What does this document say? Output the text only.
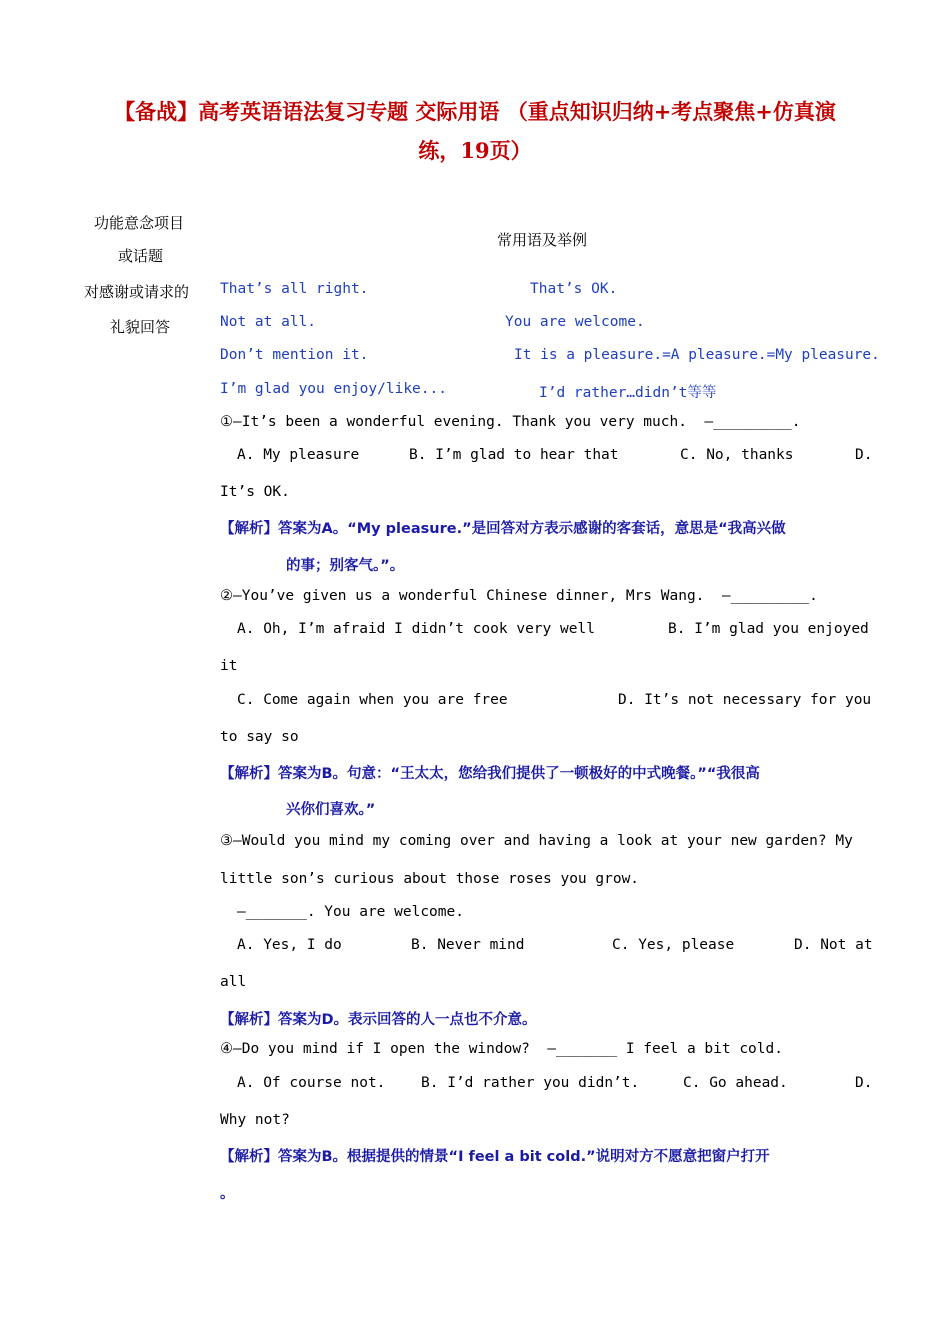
【备战】高考英语语法复习专题 交际用语 （重点知识归纳+考点聚焦+仿真演
练，19页）
功能意念项目
或话题
常用语及举例
对感谢或请求的
礼貌回答
That’s all right.	That’s OK.
Not at all.	You are welcome.
Don’t mention it.	It is a pleasure.=A pleasure.=My pleasure.
I’m glad you enjoy/like...	I’d rather…didn’t等等
①—It’s been a wonderful evening. Thank you very much.  —_________.
A. My pleasure	B. I’m glad to hear that	C. No, thanks	D.
It’s OK.
【解析】答案为A。“My pleasure.”是回答对方表示感谢的客套话，意思是“我高兴做
的事；别客气。”。
②—You’ve given us a wonderful Chinese dinner, Mrs Wang.  —_________.
A. Oh, I’m afraid I didn’t cook very well	B. I’m glad you enjoyed
it
C. Come again when you are free	D. It’s not necessary for you
to say so
【解析】答案为B。句意：“王太太，您给我们提供了一顿极好的中式晚餐。”“我很高
兴你们喜欢。”
③—Would you mind my coming over and having a look at your new garden? My
little son’s curious about those roses you grow.
—_______. You are welcome.
A. Yes, I do	B. Never mind	C. Yes, please	D. Not at
all
【解析】答案为D。表示回答的人一点也不介意。
④—Do you mind if I open the window?  —_______ I feel a bit cold.
A. Of course not. B. I’d rather you didn’t.	C. Go ahead.	D.
Why not?
【解析】答案为B。根据提供的情景“I feel a bit cold.”说明对方不愿意把窗户打开
。
